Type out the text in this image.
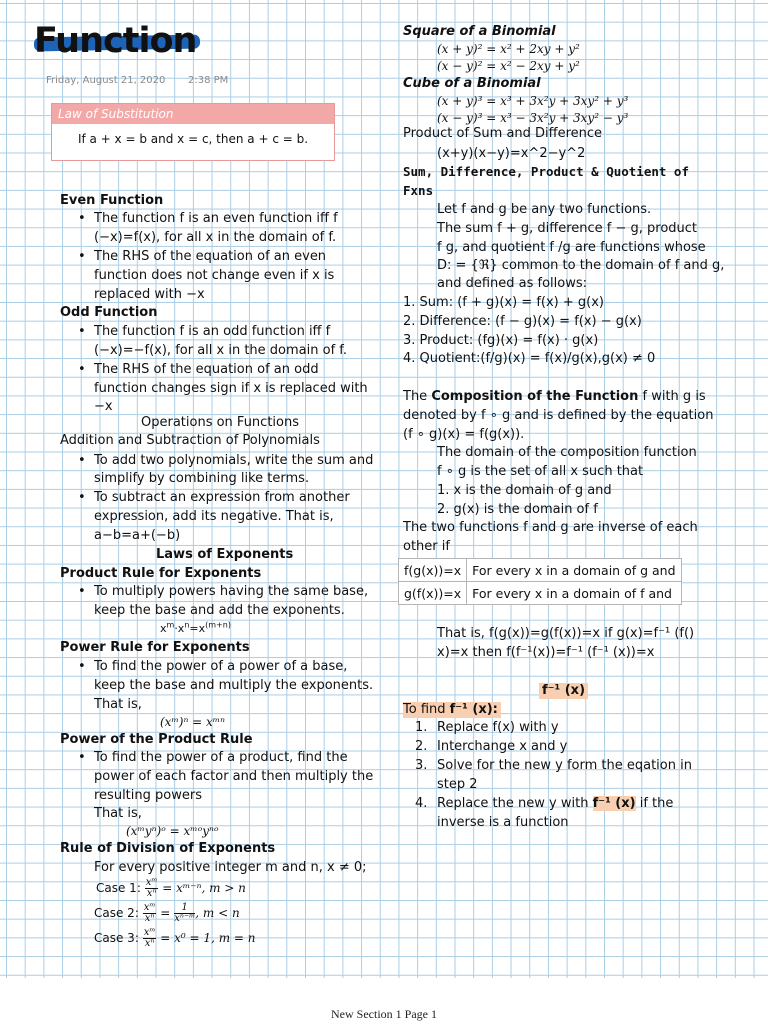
Function
Friday, August 21, 2020 2:38 PM
Law of Substitution
If a + x = b and x = c, then a + c = b.
Even Function
• The function f is an even function iff f
(−x)=f(x), for all x in the domain of f.
• The RHS of the equation of an even
function does not change even if x is
replaced with −x
Odd Function
• The function f is an odd function iff f
(−x)=−f(x), for all x in the domain of f.
• The RHS of the equation of an odd
function changes sign if x is replaced with
−x
Operations on Functions
Addition and Subtraction of Polynomials
• To add two polynomials, write the sum and
simplify by combining like terms.
• To subtract an expression from another
expression, add its negative. That is,
a−b=a+(−b)
Laws of Exponents
Product Rule for Exponents
• To multiply powers having the same base,
keep the base and add the exponents.
$x^m\cdot x^n=x^{(m+n)}$
Power Rule for Exponents
• To find the power of a power of a base,
keep the base and multiply the exponents.
That is,
(xᵐ)ⁿ = xᵐⁿ
Power of the Product Rule
• To find the power of a product, find the
power of each factor and then multiply the
resulting powers
That is,
(xᵐyⁿ)ᵒ = xᵐᵒyⁿᵒ
Rule of Division of Exponents
For every positive integer m and n, x ≠ 0;
Case 1: $\frac{\text{xᵐ}}{\text{xⁿ}}$ = xᵐ⁻ⁿ, m > n
Case 2: $\frac{\text{xᵐ}}{\text{xⁿ}} = \frac{1}{\text{xⁿ⁻ᵐ}}$ , m < n
Case 3: $\frac{\text{xᵐ}}{\text{xⁿ}} = x^0 = 1$, m = n
Square of a Binomial
(x + y)² = x² + 2xy + y²
(x − y)² = x² − 2xy + y²
Cube of a Binomial
(x + y)³ = x³ + 3x²y + 3xy² + y³
(x − y)³ = x³ − 3x²y + 3xy² − y³
Product of Sum and Difference
(x+y)(x−y)=x^2−y^2
Sum, Difference, Product & Quotient of
Fxns
Let f and g be any two functions.
The sum f + g, difference f − g, product
f g, and quotient f /g are functions whose
D: = {ℜ} common to the domain of f and g,
and defined as follows:
1. Sum: (f + g)(x) = f(x) + g(x)
2. Difference: (f − g)(x) = f(x) − g(x)
3. Product: (fg)(x) = f(x) · g(x)
4. Quotient:(f/g)(x) = f(x)/g(x),g(x) ≠ 0
The Composition of the Function f with g is
denoted by f ∘ g and is defined by the equation
(f ∘ g)(x) = f(g(x)).
The domain of the composition function
f ∘ g is the set of all x such that
1. x is the domain of g and
2. g(x) is the domain of f
The two functions f and g are inverse of each
other if
f(g(x))=x	For every x in a domain of g and
g(f(x))=x	For every x in a domain of f and
That is, f(g(x))=g(f(x))=x if g(x)=f⁻¹ (f()
x)=x then f(f⁻¹(x))=f⁻¹ (f⁻¹ (x))=x
f⁻¹ (x)
To find f⁻¹ (x):
1. Replace f(x) with y
2. Interchange x and y
3. Solve for the new y form the eqation in
step 2
4. Replace the new y with f⁻¹ (x) if the
inverse is a function
New Section 1 Page 1
